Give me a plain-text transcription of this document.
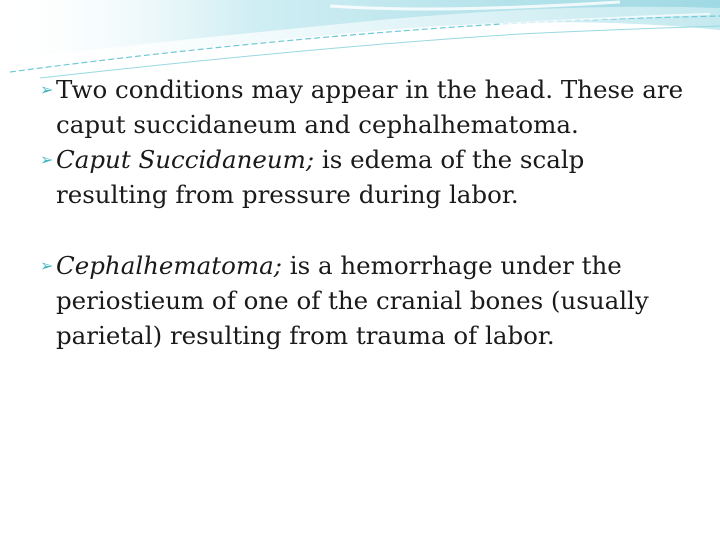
➢ Two conditions may appear in the head. These are caput succidaneum and cephalhematoma.

➢ Caput Succidaneum; is edema of the scalp resulting from pressure during labor.

➢ Cephalhematoma; is a hemorrhage under the periostieum of one of the cranial bones (usually parietal) resulting from trauma of labor.
